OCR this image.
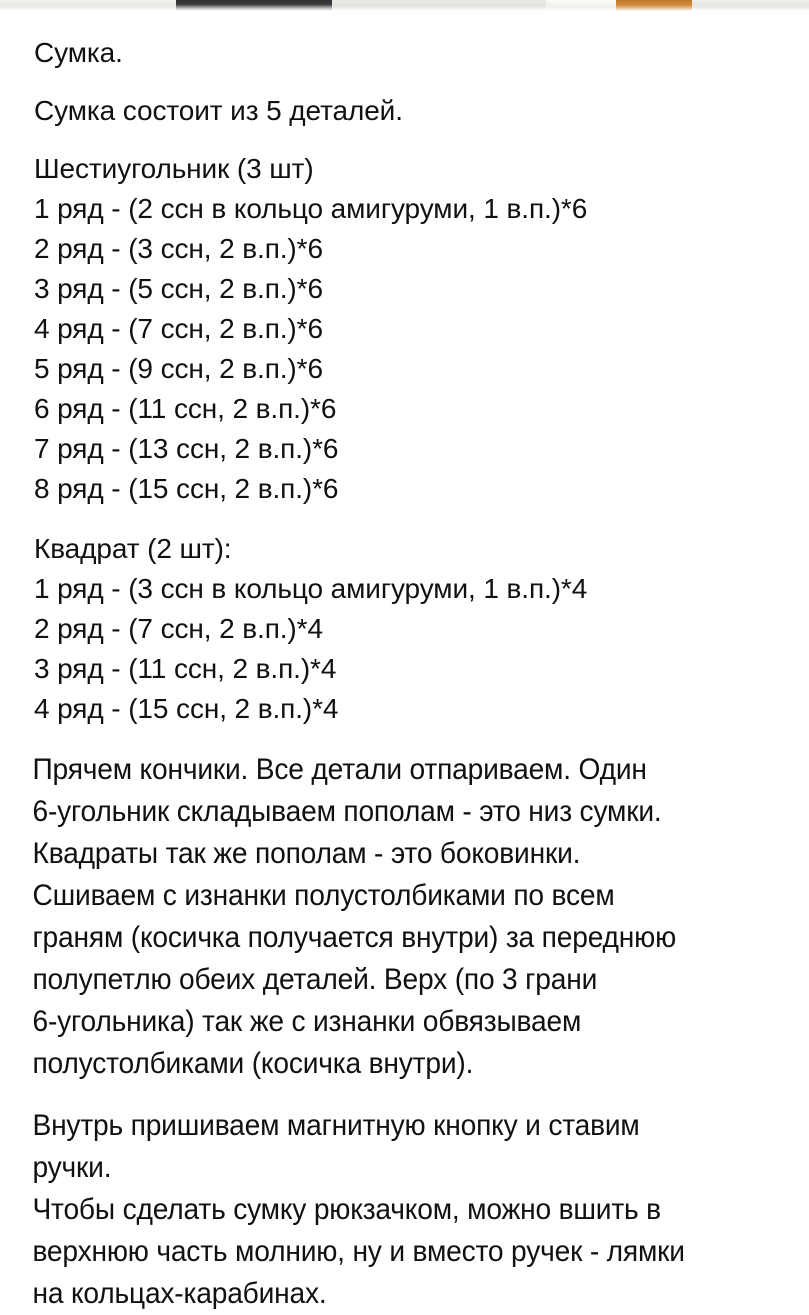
Сумка.

Сумка состоит из 5 деталей.

Шестиугольник (3 шт)
1 ряд - (2 ссн в кольцо амигуруми, 1 в.п.)*6
2 ряд - (3 ссн, 2 в.п.)*6
3 ряд - (5 ссн, 2 в.п.)*6
4 ряд - (7 ссн, 2 в.п.)*6
5 ряд - (9 ссн, 2 в.п.)*6
6 ряд - (11 ссн, 2 в.п.)*6
7 ряд - (13 ссн, 2 в.п.)*6
8 ряд - (15 ссн, 2 в.п.)*6

Квадрат (2 шт):
1 ряд - (3 ссн в кольцо амигуруми, 1 в.п.)*4
2 ряд - (7 ссн, 2 в.п.)*4
3 ряд - (11 ссн, 2 в.п.)*4
4 ряд - (15 ссн, 2 в.п.)*4

Прячем кончики. Все детали отпариваем. Один
6-угольник складываем пополам - это низ сумки.
Квадраты так же пополам - это боковинки.
Сшиваем с изнанки полустолбиками по всем
граням (косичка получается внутри) за переднюю
полупетлю обеих деталей. Верх (по 3 грани
6-угольника) так же с изнанки обвязываем
полустолбиками (косичка внутри).

Внутрь пришиваем магнитную кнопку и ставим
ручки.
Чтобы сделать сумку рюкзачком, можно вшить в
верхнюю часть молнию, ну и вместо ручек - лямки
на кольцах-карабинах.
